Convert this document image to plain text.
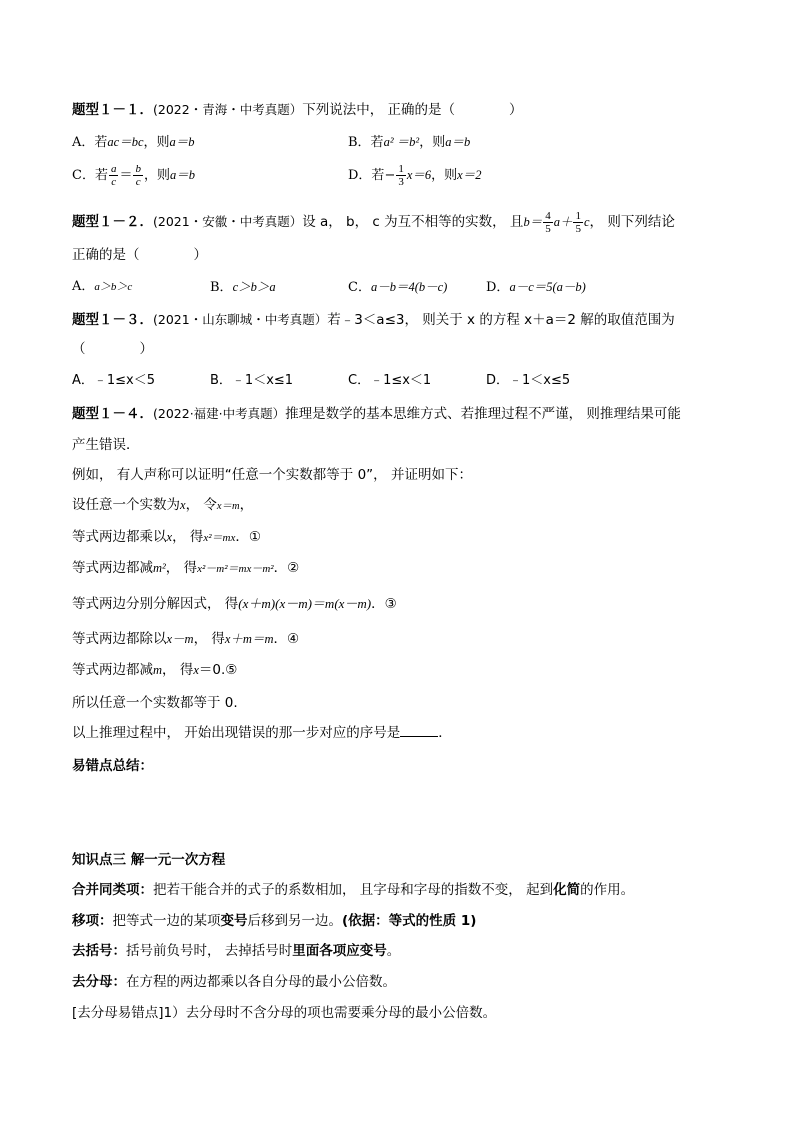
题型１－１．(2022・青海・中考真题）下列说法中， 正确的是（　　　　）
A．若ac＝bc，则a＝b	B．若a² ＝b²，则a＝b
C．若 $\frac{a}{c} = \frac{b}{c}$ ，则a＝b	D．若− $\frac{1}{3} x=6$，则x＝2
题型１－２．(2021・安徽・中考真题）设 a， b， c 为互不相等的实数， 且$b= \frac{4}{5} a+ \frac{1}{5}$ c， 则下列结论
正确的是（　　　　）
A．a＞b＞c	B．c＞b＞a	C．a－b＝4(b－c)	D．a－c＝5(a－b)
题型１－３．(2021・山东聊城・中考真题）若﹣3＜a≤3， 则关于 x 的方程 x＋a＝2 解的取值范围为
（　　　　）
A．﹣1≤x＜5	B．﹣1＜x≤1	C．﹣1≤x＜1	D．﹣1＜x≤5
题型１－４．(2022·福建·中考真题）推理是数学的基本思维方式、若推理过程不严谨， 则推理结果可能
产生错误．
例如， 有人声称可以证明“任意一个实数都等于 0”， 并证明如下：
设任意一个实数为x， 令x＝m，
等式两边都乘以x， 得x²＝mx．①
等式两边都减m²， 得x²－m²＝mx－m²．②
等式两边分别分解因式， 得(x＋m)(x－m)＝m(x－m)．③
等式两边都除以x－m， 得x＋m＝m．④
等式两边都减m， 得x＝0.⑤
所以任意一个实数都等于 0.
以上推理过程中， 开始出现错误的那一步对应的序号是	．
易错点总结：
知识点三 解一元一次方程
合并同类项：把若干能合并的式子的系数相加， 且字母和字母的指数不变， 起到化简的作用。
移项：把等式一边的某项变号后移到另一边。(依据：等式的性质 1)
去括号：括号前负号时， 去掉括号时里面各项应变号。
去分母：在方程的两边都乘以各自分母的最小公倍数。
[去分母易错点]1）去分母时不含分母的项也需要乘分母的最小公倍数。
